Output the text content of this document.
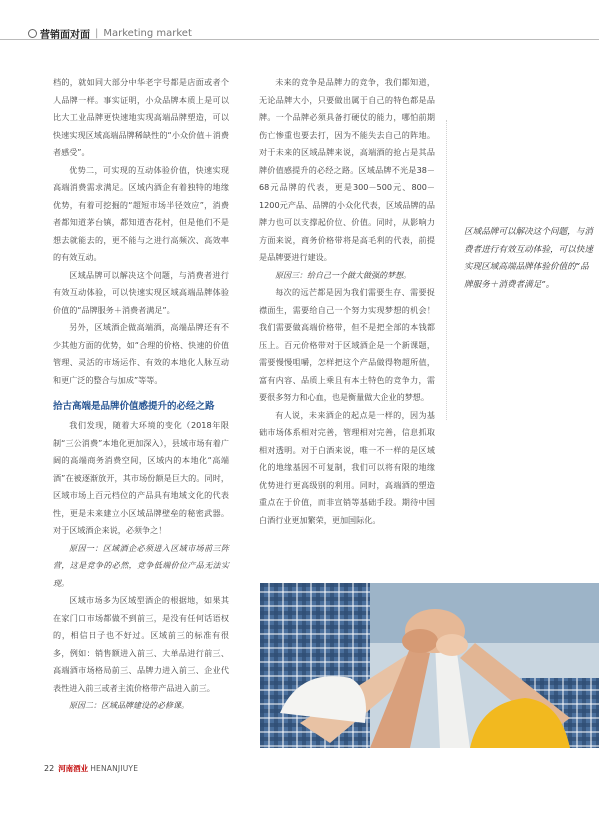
营销面对面 | Marketing market

档的，就如同大部分中华老字号都是店面或者个人品牌一样。事实证明，小众品牌本质上是可以比大工业品牌更快速地实现高端品牌塑造，可以快速实现区域高端品牌稀缺性的“小众价值＋消费者感受”。

优势二，可实现的互动体验价值，快速实现高端消费需求满足。区域内酒企有着独特的地缘优势，有着可挖掘的“超短市场半径效应”，消费者都知道茅台镇，都知道杏花村，但是他们不是想去就能去的，更不能与之进行高频次、高效率的有效互动。

区域品牌可以解决这个问题，与消费者进行有效互动体验，可以快速实现区域高端品牌体验价值的“品牌服务＋消费者满足”。

另外，区域酒企做高端酒，高端品牌还有不少其他方面的优势，如“合理的价格、快速的价值管理、灵活的市场运作、有效的本地化人脉互动和更广泛的整合与加成”等等。

拾古高端是品牌价值感提升的必经之路

我们发现，随着大环境的变化（2018年限制“三公消费”本地化更加深入），县域市场有着广阔的高端商务消费空间，区域内的本地化“高端酒”在被逐渐放开，其市场份额是巨大的。同时，区域市场上百元档位的产品具有地域文化的代表性，更是未来建立小区域品牌壁垒的秘密武器。对于区域酒企来说，必须争之！

原因一：区域酒企必须进入区域市场前三阵营，这是竞争的必然，竞争低端价位产品无法实现。

区域市场多为区域型酒企的根据地，如果其在家门口市场都做不到前三，是没有任何话语权的，相信日子也不好过。区域前三的标准有很多，例如：销售额进入前三、大单品进行前三、高端酒市场格局前三、品牌力进入前三、企业代表性进入前三或者主流价格带产品进入前三。

原因二：区域品牌建设的必修课。

未来的竞争是品牌力的竞争，我们都知道，无论品牌大小，只要做出属于自己的特色都是品牌。一个品牌必须具备打硬仗的能力，哪怕前期伤亡惨重也要去打，因为不能失去自己的阵地。对于未来的区域品牌来说，高端酒的抢占是其品牌价值感提升的必经之路。区域品牌不光是38－68元品牌的代表，更是300－500元、800－1200元产品、品牌的小众化代表，区域品牌的品牌力也可以支撑起价位、价值。同时，从影响力方面来说，商务价格带将是高毛利的代表，前提是品牌要进行建设。

原因三：给自己一个做大做强的梦想。

每次的远芒都是因为我们需要生存、需要捉襟面生，需要给自己一个努力实现梦想的机会！我们需要做高端价格带，但不是把全部的本钱都压上。百元价格带对于区域酒企是一个新课题，需要慢慢咀嚼，怎样把这个产品做得物超所值，富有内容、品质上乘且有本土特色的竞争力，需要很多努力和心血，也是衡量做大企业的梦想。

有人说，未来酒企的起点是一样的，因为基础市场体系相对完善，管理相对完善，信息抓取相对透明。对于白酒来说，唯一不一样的是区域化的地缘基因不可复制，我们可以将有限的地缘优势进行更高级别的利用。同时，高端酒的塑造重点在于价值，而非宣销等基础手段。期待中国白酒行业更加繁荣，更加国际化。

区域品牌可以解决这个问题，与消费者进行有效互动体验，可以快速实现区域高端品牌体验价值的“品牌服务＋消费者满足”。
22 河南酒业 HENANJIUYE
